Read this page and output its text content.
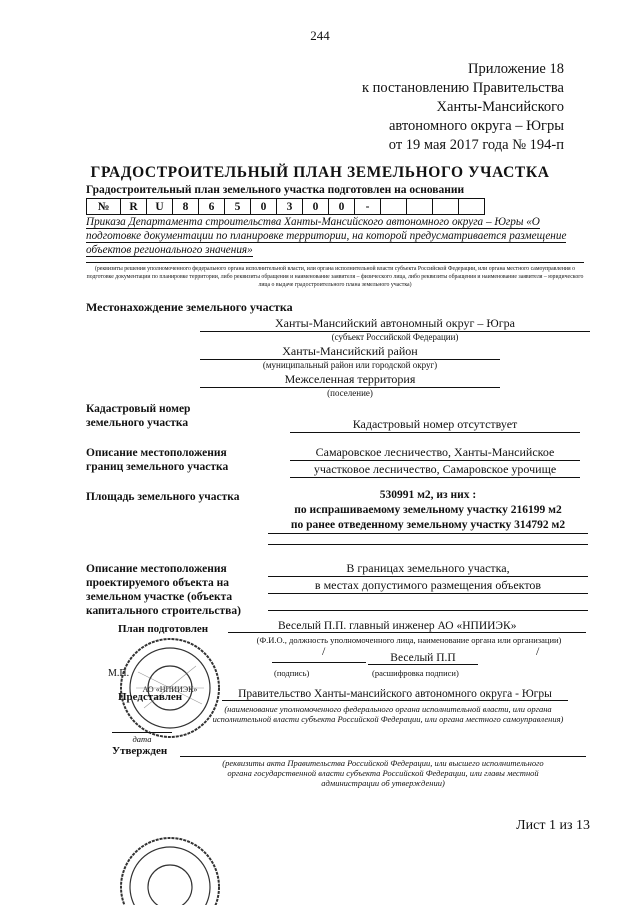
244
Приложение 18
к постановлению Правительства
Ханты-Мансийского
автономного округа – Югры
от 19 мая 2017 года № 194-п
ГРАДОСТРОИТЕЛЬНЫЙ ПЛАН ЗЕМЕЛЬНОГО УЧАСТКА
Градостроительный план земельного участка подготовлен на основании
№	R	U	8	6	5	0	3	0	0	-				
Приказа Департамента строительства Ханты-Мансийского автономного округа – Югры «О подготовке документации по планировке территории, на которой предусматривается размещение объектов регионального значения»
(реквизиты решения уполномоченного федерального органа исполнительной власти, или органа исполнительной власти субъекта Российской Федерации, или органа местного самоуправления о подготовке документации по планировке территории, либо реквизиты обращения и наименование заявителя – физического лица, либо реквизиты обращения и наименование заявителя – юридического лица о выдаче градостроительного плана земельного участка)
Местонахождение земельного участка
Ханты-Мансийский автономный округ – Югра
(субъект Российской Федерации)
Ханты-Мансийский район
(муниципальный район или городской округ)
Межселенная территория
(поселение)
Кадастровый номер
земельного участка	Кадастровый номер отсутствует
Описание местоположения
границ земельного участка
Самаровское лесничество, Ханты-Мансийское
участковое лесничество, Самаровское урочище
Площадь земельного участка	530991 м2, из них :
по испрашиваемому земельному участку 216199 м2
по ранее отведенному земельному участку 314792 м2
Описание местоположения
проектируемого объекта на
земельном участке (объекта
капитального строительства)
В границах земельного участка,
в местах допустимого размещения объектов
План подготовлен	Веселый П.П. главный инженер АО «НПИИЭК»
(Ф.И.О., должность уполномоченного лица, наименование органа или организации)
/	/
М.П.
Веселый П.П
(подпись)	(расшифровка подписи)
АО «НПИИЭК»
Представлен	Правительство Ханты-мансийского автономного округа - Югры
(наименование уполномоченного федерального органа исполнительной власти, или органа
исполнительной власти субъекта Российской Федерации, или органа местного самоуправления)
дата
Утвержден
(реквизиты акта Правительства Российской Федерации, или высшего исполнительного
органа государственной власти субъекта Российской Федерации, или главы местной
администрации об утверждении)
Лист 1 из 13
